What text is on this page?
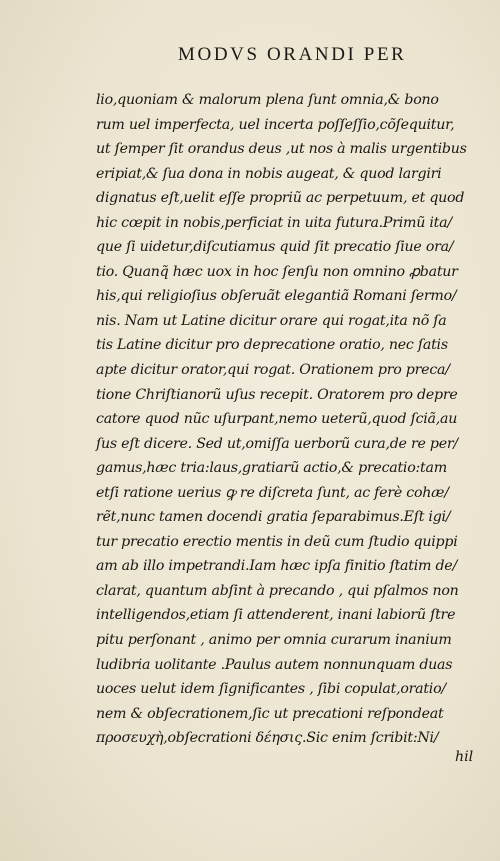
MODVS ORANDI PER
lio,quoniam & malorum plena ſunt omnia,& bono
rum uel imperfecta, uel incerta poſſeſſio,cõſequitur,
ut ſemper ſit orandus deus ,ut nos à malis urgentibus
eripiat,& ſua dona in nobis augeat, & quod largiri
dignatus eſt,uelit eſſe propriũ ac perpetuum, et quod
hic cœpit in nobis,perficiat in uita futura.Primũ ita/
que ſi uidetur,diſcutiamus quid ſit precatio ſiue ora/
tio. Quanq̃ hæc uox in hoc ſenſu non omnino ꝓbatur
his,qui religioſius obſeruãt elegantiã Romani ſermo/
nis. Nam ut Latine dicitur orare qui rogat,ita nõ ſa
tis Latine dicitur pro deprecatione oratio, nec ſatis
apte dicitur orator,qui rogat. Orationem pro preca/
tione Chriſtianorũ uſus recepit. Oratorem pro depre
catore quod nũc uſurpant,nemo ueterũ,quod ſciã,au
ſus eſt dicere. Sed ut,omiſſa uerborũ cura,de re per/
gamus,hæc tria:laus,gratiarũ actio,& precatio:tam
etſi ratione uerius ꝙ re diſcreta ſunt, ac ferè cohæ/
rẽt,nunc tamen docendi gratia ſeparabimus.Eſt igi/
tur precatio erectio mentis in deũ cum ſtudio quippi
am ab illo impetrandi.Iam hæc ipſa finitio ſtatim de/
clarat, quantum abſint à precando , qui pſalmos non
intelligendos,etiam ſi attenderent, inani labiorũ ſtre
pitu perſonant , animo per omnia curarum inanium
ludibria uolitante .Paulus autem nonnunquam duas
uoces uelut idem ſignificantes , ſibi copulat,oratio/
nem & obſecrationem,ſic ut precationi reſpondeat
προσευχὴ,obſecrationi δέησις.Sic enim ſcribit:Ni/
hil
